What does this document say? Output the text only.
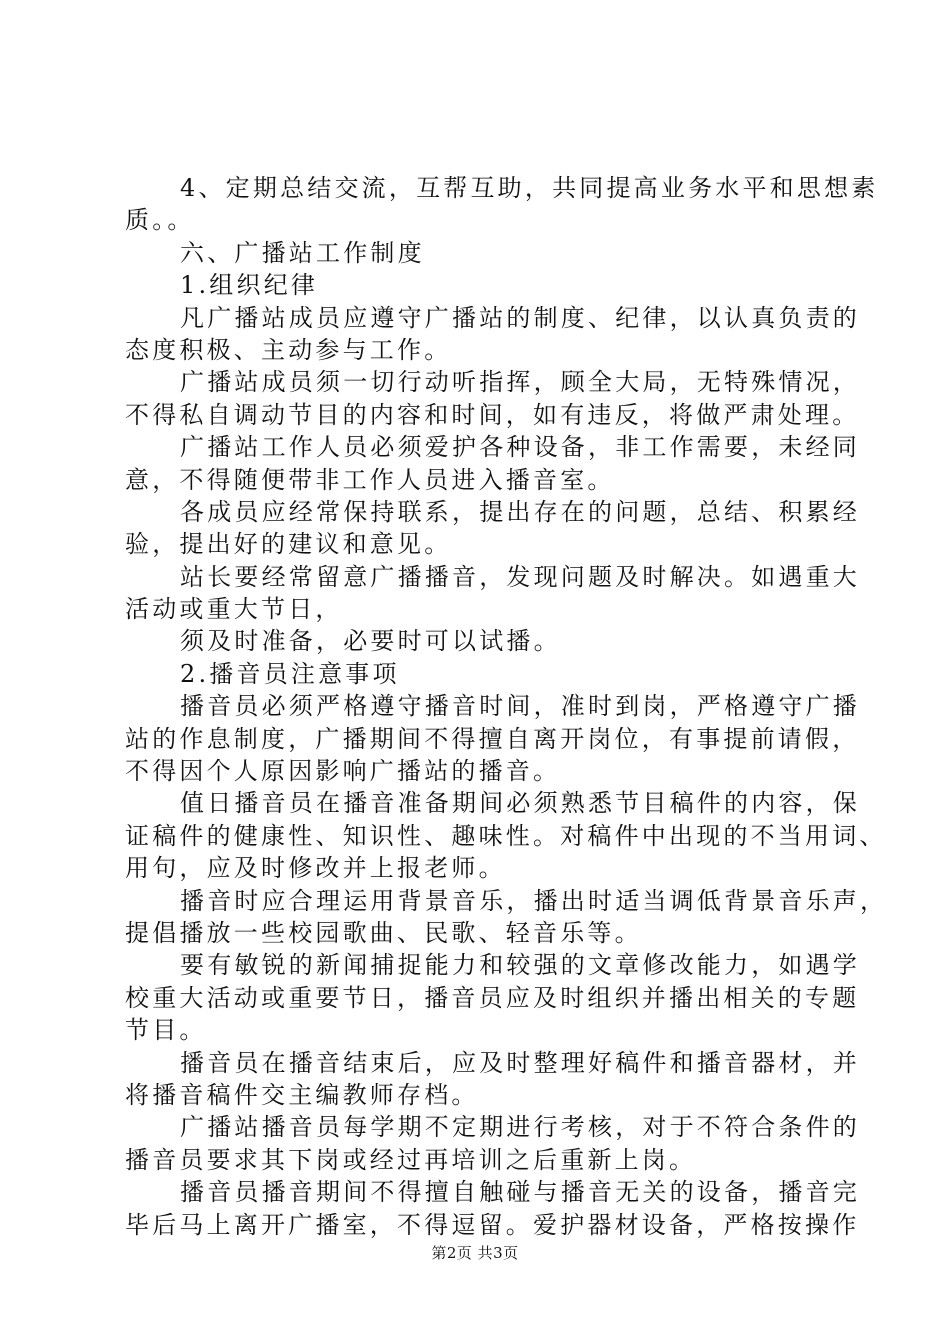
4、定期总结交流，互帮互助，共同提高业务水平和思想素
质。。
六、广播站工作制度
1.组织纪律
凡广播站成员应遵守广播站的制度、纪律，以认真负责的
态度积极、主动参与工作。
广播站成员须一切行动听指挥，顾全大局，无特殊情况，
不得私自调动节目的内容和时间，如有违反，将做严肃处理。
广播站工作人员必须爱护各种设备，非工作需要，未经同
意，不得随便带非工作人员进入播音室。
各成员应经常保持联系，提出存在的问题，总结、积累经
验，提出好的建议和意见。
站长要经常留意广播播音，发现问题及时解决。如遇重大
活动或重大节日，
须及时准备，必要时可以试播。
2.播音员注意事项
播音员必须严格遵守播音时间，准时到岗，严格遵守广播
站的作息制度，广播期间不得擅自离开岗位，有事提前请假，
不得因个人原因影响广播站的播音。
值日播音员在播音准备期间必须熟悉节目稿件的内容，保
证稿件的健康性、知识性、趣味性。对稿件中出现的不当用词、
用句，应及时修改并上报老师。
播音时应合理运用背景音乐，播出时适当调低背景音乐声，
提倡播放一些校园歌曲、民歌、轻音乐等。
要有敏锐的新闻捕捉能力和较强的文章修改能力，如遇学
校重大活动或重要节日，播音员应及时组织并播出相关的专题
节目。
播音员在播音结束后，应及时整理好稿件和播音器材，并
将播音稿件交主编教师存档。
广播站播音员每学期不定期进行考核，对于不符合条件的
播音员要求其下岗或经过再培训之后重新上岗。
播音员播音期间不得擅自触碰与播音无关的设备，播音完
毕后马上离开广播室，不得逗留。爱护器材设备，严格按操作
第2页 共3页
